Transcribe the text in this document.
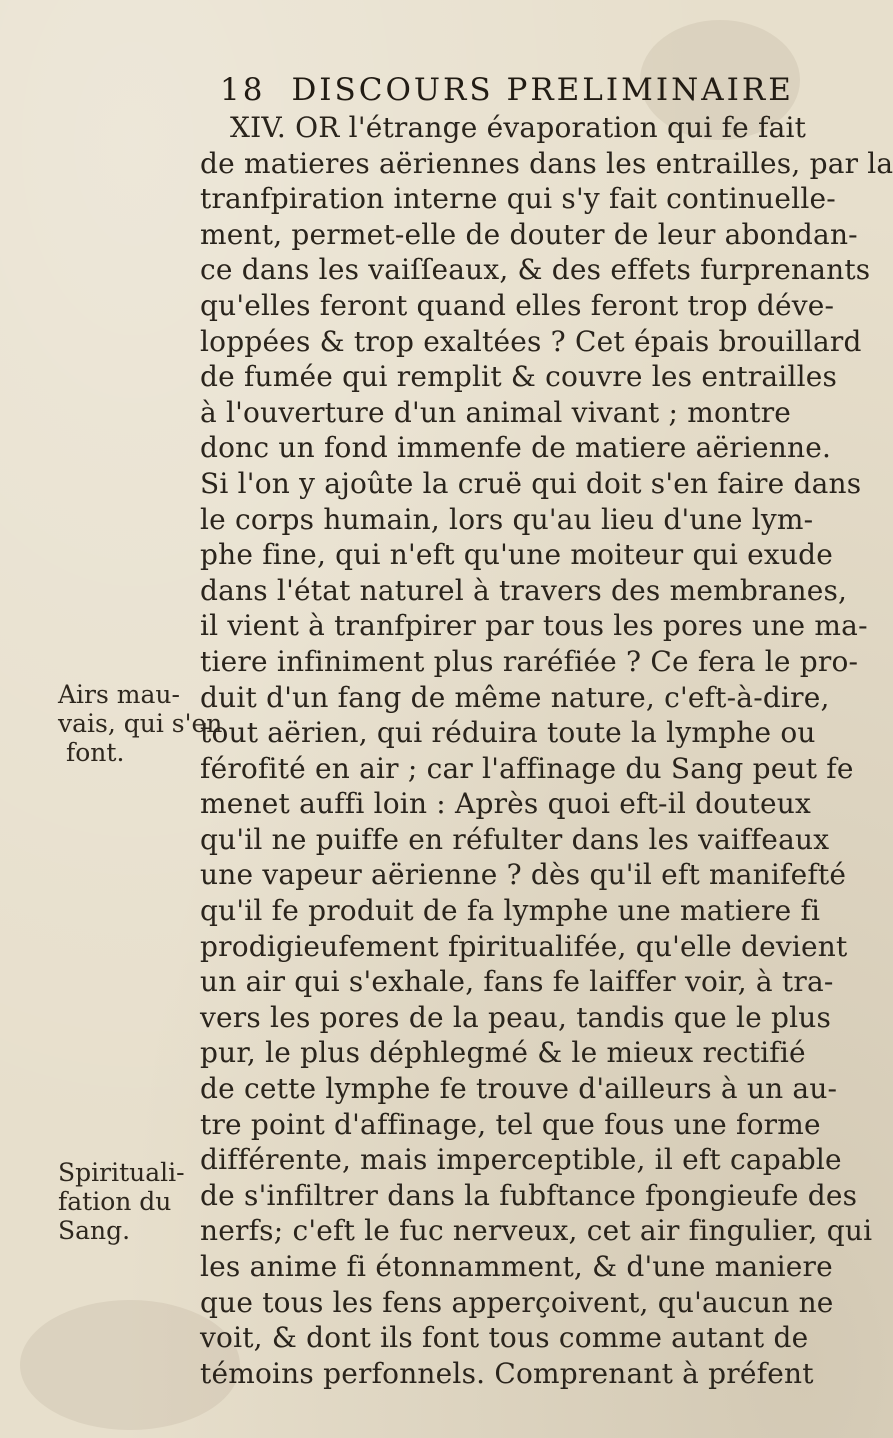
18 DISCOURS PRELIMINAIRE
XIV. OR l'étrange évaporation qui fe fait
de matieres aëriennes dans les entrailles, par la
tranfpiration interne qui s'y fait continuelle-
ment, permet-elle de douter de leur abondan-
ce dans les vaiſſeaux, & des effets furprenants
qu'elles feront quand elles feront trop déve-
loppées & trop exaltées ? Cet épais brouillard
de fumée qui remplit & couvre les entrailles
à l'ouverture d'un animal vivant ; montre
donc un fond immenfe de matiere aërienne.
Si l'on y ajoûte la cruë qui doit s'en faire dans
le corps humain, lors qu'au lieu d'une lym-
phe fine, qui n'eft qu'une moiteur qui exude
dans l'état naturel à travers des membranes,
il vient à tranfpirer par tous les pores une ma-
tiere infiniment plus raréfiée ? Ce fera le pro-
duit d'un fang de même nature, c'eft-à-dire,
tout aërien, qui réduira toute la lymphe ou
férofité en air ; car l'affinage du Sang peut fe
menet auffi loin : Après quoi eft-il douteux
qu'il ne puiffe en réfulter dans les vaiffeaux
une vapeur aërienne ? dès qu'il eft manifefté
qu'il fe produit de fa lymphe une matiere fi
prodigieufement fpiritualifée, qu'elle devient
un air qui s'exhale, fans fe laiffer voir, à tra-
vers les pores de la peau, tandis que le plus
pur, le plus déphlegmé & le mieux rectifié
de cette lymphe fe trouve d'ailleurs à un au-
tre point d'affinage, tel que fous une forme
différente, mais imperceptible, il eft capable
de s'infiltrer dans la fubftance fpongieufe des
nerfs; c'eft le fuc nerveux, cet air fingulier, qui
les anime fi étonnamment, & d'une maniere
que tous les fens apperçoivent, qu'aucun ne
voit, & dont ils font tous comme autant de
témoins perfonnels. Comprenant à préfent
Airs mau-
vais, qui s'en
font.
Spirituali-
fation du
Sang.
